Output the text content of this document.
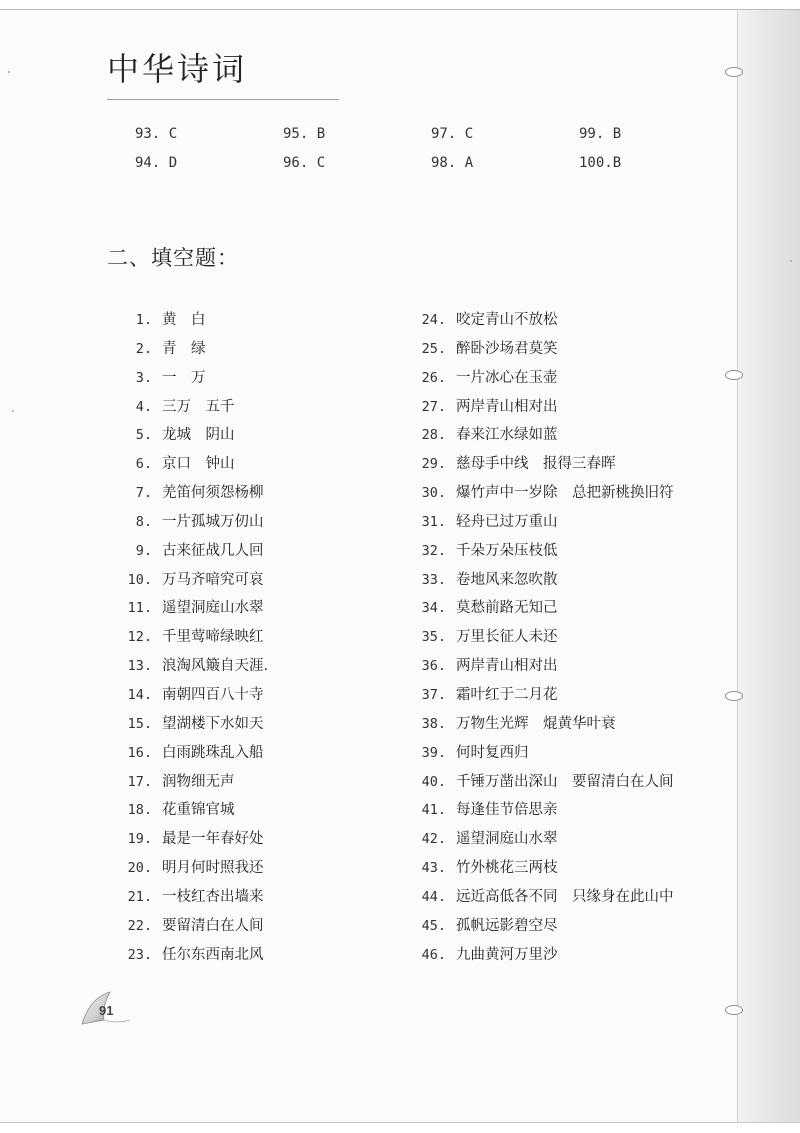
中华诗词
93. C
94. D
95. B
96. C
97. C
98. A
99. B
100.B
二、填空题：
1. 黄　白
2. 青　绿
3. 一　万
4. 三万　五千
5. 龙城　阴山
6. 京口　钟山
7. 羌笛何须怨杨柳
8. 一片孤城万仞山
9. 古来征战几人回
10. 万马齐喑究可哀
11. 遥望洞庭山水翠
12. 千里莺啼绿映红
13. 浪淘风簸自天涯.
14. 南朝四百八十寺
15. 望湖楼下水如天
16. 白雨跳珠乱入船
17. 润物细无声
18. 花重锦官城
19. 最是一年春好处
20. 明月何时照我还
21. 一枝红杏出墙来
22. 要留清白在人间
23. 任尔东西南北风
24. 咬定青山不放松
25. 醉卧沙场君莫笑
26. 一片冰心在玉壶
27. 两岸青山相对出
28. 春来江水绿如蓝
29. 慈母手中线　报得三春晖
30. 爆竹声中一岁除　总把新桃换旧符
31. 轻舟已过万重山
32. 千朵万朵压枝低
33. 卷地风来忽吹散
34. 莫愁前路无知己
35. 万里长征人未还
36. 两岸青山相对出
37. 霜叶红于二月花
38. 万物生光辉　焜黄华叶衰
39. 何时复西归
40. 千锤万凿出深山　要留清白在人间
41. 每逢佳节倍思亲
42. 遥望洞庭山水翠
43. 竹外桃花三两枝
44. 远近高低各不同　只缘身在此山中
45. 孤帆远影碧空尽
46. 九曲黄河万里沙
91
